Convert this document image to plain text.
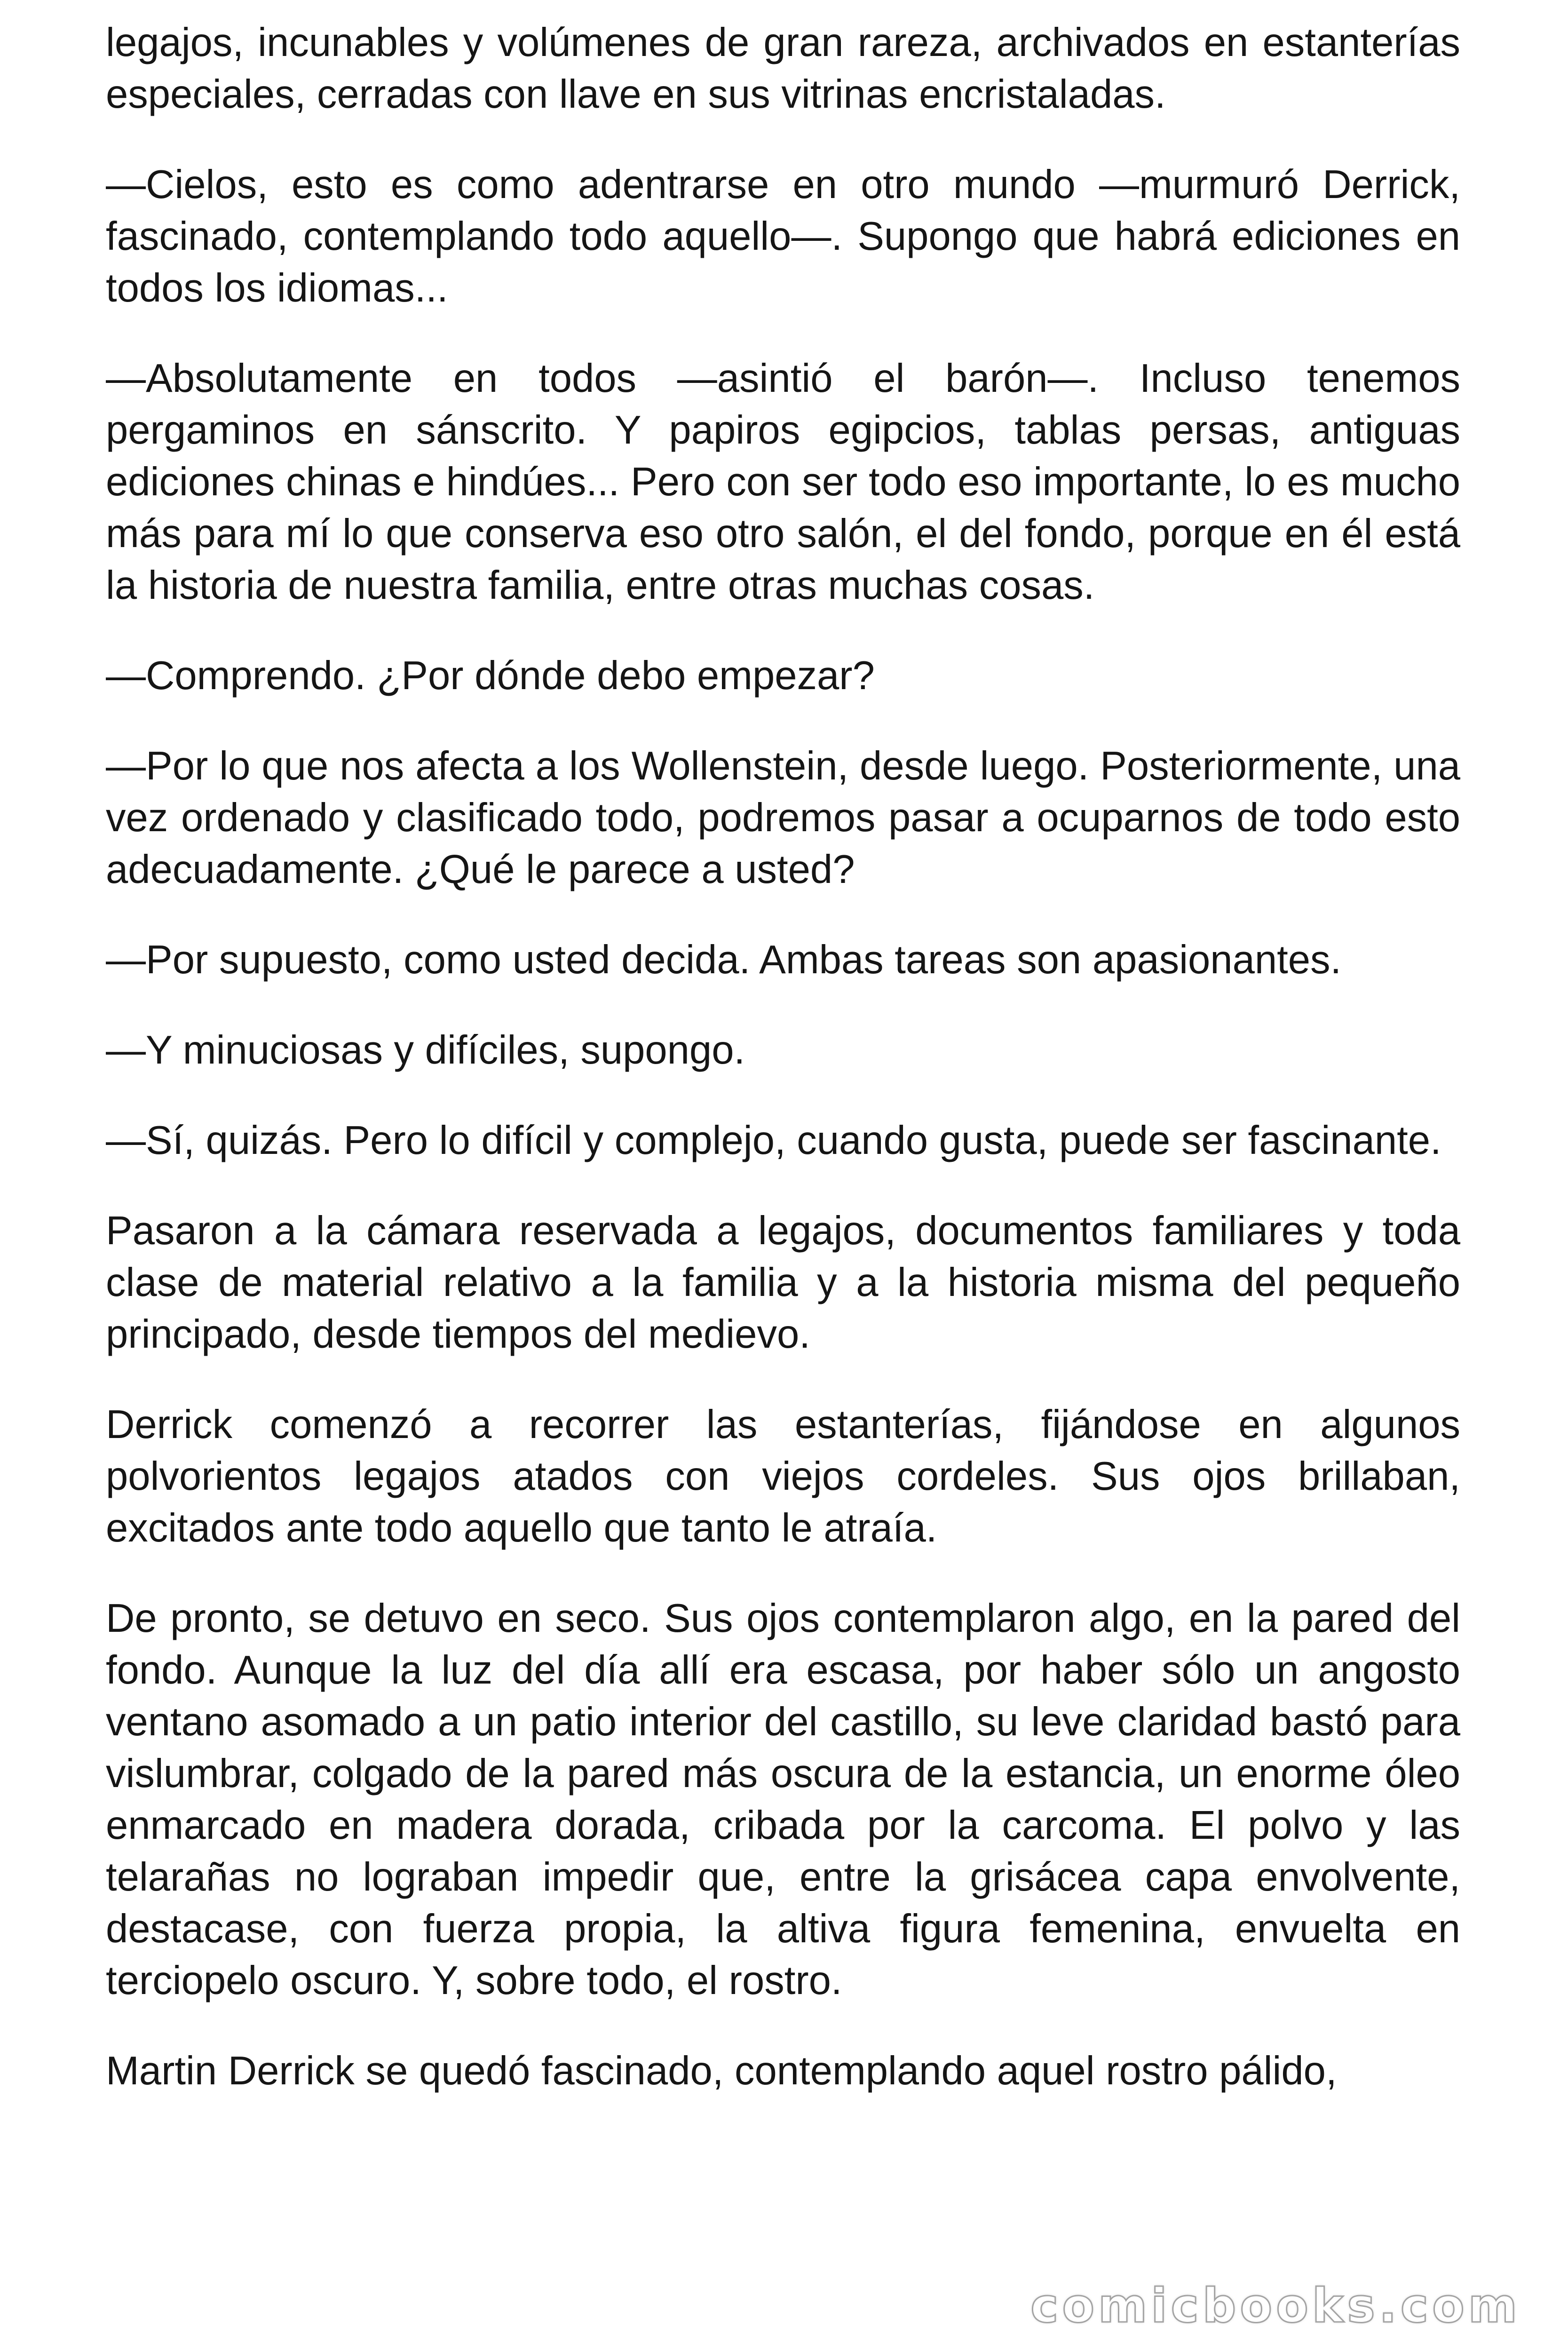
legajos, incunables y volúmenes de gran rareza, archivados en estanterías especiales, cerradas con llave en sus vitrinas encristaladas.

—Cielos, esto es como adentrarse en otro mundo —murmuró Derrick, fascinado, contemplando todo aquello—. Supongo que habrá ediciones en todos los idiomas...

—Absolutamente en todos —asintió el barón—. Incluso tenemos pergaminos en sánscrito. Y papiros egipcios, tablas persas, antiguas ediciones chinas e hindúes... Pero con ser todo eso importante, lo es mucho más para mí lo que conserva eso otro salón, el del fondo, porque en él está la historia de nuestra familia, entre otras muchas cosas.

—Comprendo. ¿Por dónde debo empezar?

—Por lo que nos afecta a los Wollenstein, desde luego. Posteriormente, una vez ordenado y clasificado todo, podremos pasar a ocuparnos de todo esto adecuadamente. ¿Qué le parece a usted?

—Por supuesto, como usted decida. Ambas tareas son apasionantes.

—Y minuciosas y difíciles, supongo.

—Sí, quizás. Pero lo difícil y complejo, cuando gusta, puede ser fascinante.

Pasaron a la cámara reservada a legajos, documentos familiares y toda clase de material relativo a la familia y a la historia misma del pequeño principado, desde tiempos del medievo.

Derrick comenzó a recorrer las estanterías, fijándose en algunos polvorientos legajos atados con viejos cordeles. Sus ojos brillaban, excitados ante todo aquello que tanto le atraía.

De pronto, se detuvo en seco. Sus ojos contemplaron algo, en la pared del fondo. Aunque la luz del día allí era escasa, por haber sólo un angosto ventano asomado a un patio interior del castillo, su leve claridad bastó para vislumbrar, colgado de la pared más oscura de la estancia, un enorme óleo enmarcado en madera dorada, cribada por la carcoma. El polvo y las telarañas no lograban impedir que, entre la grisácea capa envolvente, destacase, con fuerza propia, la altiva figura femenina, envuelta en terciopelo oscuro. Y, sobre todo, el rostro.

Martin Derrick se quedó fascinado, contemplando aquel rostro pálido,

comicbooks.com
